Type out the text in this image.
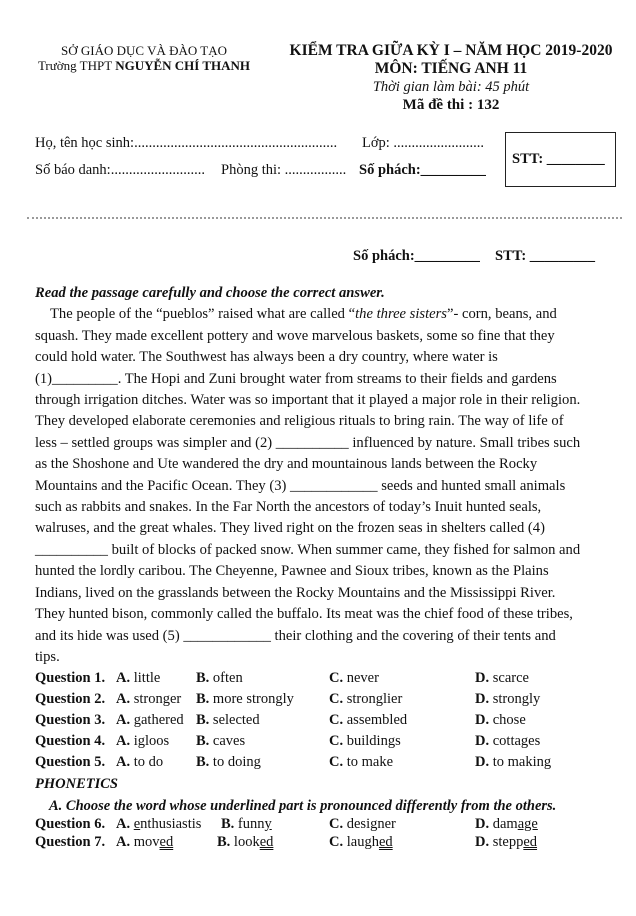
SỞ GIÁO DỤC VÀ ĐÀO TẠO
Trường THPT NGUYỄN CHÍ THANH
KIỂM TRA GIỮA KỲ I – NĂM HỌC 2019-2020
MÔN: TIẾNG ANH 11
Thời gian làm bài: 45 phút
Mã đề thi : 132
Họ, tên học sinh:........................................................ Lớp: .........................
Số báo danh:.......................... Phòng thi: ................. Số phách:_________
STT: ________
Số phách:_________ STT: _________

Read the passage carefully and choose the correct answer.

The people of the “pueblos” raised what are called “the three sisters”- corn, beans, and

squash. They made excellent pottery and wove marvelous baskets, some so fine that they

could hold water. The Southwest has always been a dry country, where water is

(1)_________. The Hopi and Zuni brought water from streams to their fields and gardens

through irrigation ditches. Water was so important that it played a major role in their religion.

They developed elaborate ceremonies and religious rituals to bring rain. The way of life of

less – settled groups was simpler and (2) __________ influenced by nature. Small tribes such

as the Shoshone and Ute wandered the dry and mountainous lands between the Rocky

Mountains and the Pacific Ocean. They (3) ____________ seeds and hunted small animals

such as rabbits and snakes. In the Far North the ancestors of today’s Inuit hunted seals,

walruses, and the great whales. They lived right on the frozen seas in shelters called (4)

__________ built of blocks of packed snow. When summer came, they fished for salmon and

hunted the lordly caribou. The Cheyenne, Pawnee and Sioux tribes, known as the Plains

Indians, lived on the grasslands between the Rocky Mountains and the Mississippi River.

They hunted bison, commonly called the buffalo. Its meat was the chief food of these tribes,

and its hide was used (5) ____________ their clothing and the covering of their tents and

tips.

Question 1. A. little B. often	C. never	D. scarce
Question 2. A. stronger B. more strongly C. stronglier	D. strongly
Question 3. A. gathered B. selected	C. assembled	D. chose
Question 4. A. igloos B. caves	C. buildings	D. cottages
Question 5. A. to do B. to doing	C. to make	D. to making
PHONETICS
A. Choose the word whose underlined part is pronounced differently from the others.
Question 6. A. enthusiastis B. funny	C. designer	D. damage
Question 7. A. moved	B. looked	C. laughed	D. stepped
